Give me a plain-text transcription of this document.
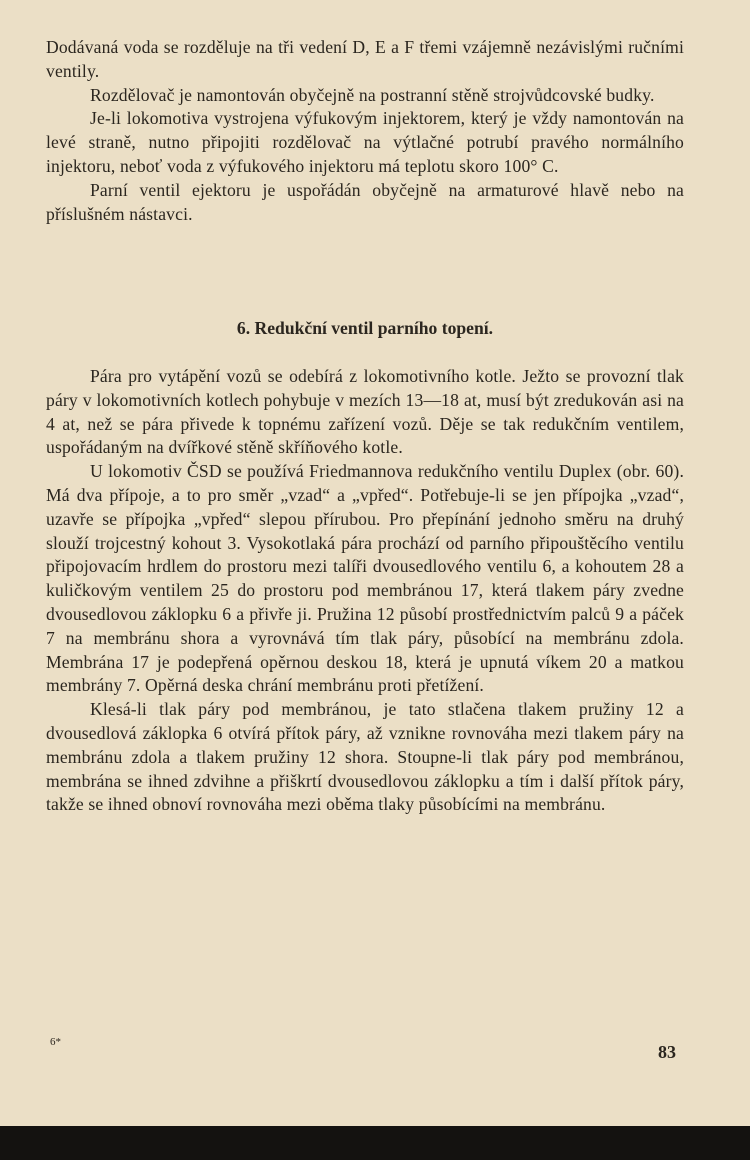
Dodávaná voda se rozděluje na tři vedení D, E a F třemi vzájemně nezávislými ručními ventily.

Rozdělovač je namontován obyčejně na postranní stěně strojvůdcovské budky.

Je-li lokomotiva vystrojena výfukovým injektorem, který je vždy namontován na levé straně, nutno připojiti rozdělovač na výtlačné potrubí pravého normálního injektoru, neboť voda z výfukového injektoru má teplotu skoro 100° C.

Parní ventil ejektoru je uspořádán obyčejně na armaturové hlavě nebo na příslušném nástavci.

6. Redukční ventil parního topení.

Pára pro vytápění vozů se odebírá z lokomotivního kotle. Ježto se provozní tlak páry v lokomotivních kotlech pohybuje v mezích 13—18 at, musí být zredukován asi na 4 at, než se pára přivede k topnému zařízení vozů. Děje se tak redukčním ventilem, uspořádaným na dvířkové stěně skříňového kotle.

U lokomotiv ČSD se používá Friedmannova redukčního ventilu Duplex (obr. 60). Má dva přípoje, a to pro směr „vzad“ a „vpřed“. Potřebuje-li se jen přípojka „vzad“, uzavře se přípojka „vpřed“ slepou přírubou. Pro přepínání jednoho směru na druhý slouží trojcestný kohout 3. Vysokotlaká pára prochází od parního připouštěcího ventilu připojovacím hrdlem do prostoru mezi talíři dvousedlového ventilu 6, a kohoutem 28 a kuličkovým ventilem 25 do prostoru pod membránou 17, která tlakem páry zvedne dvousedlovou záklopku 6 a přivře ji. Pružina 12 působí prostřednictvím palců 9 a páček 7 na membránu shora a vyrovnává tím tlak páry, působící na membránu zdola. Membrána 17 je podepřená opěrnou deskou 18, která je upnutá víkem 20 a matkou membrány 7. Opěrná deska chrání membránu proti přetížení.

Klesá-li tlak páry pod membránou, je tato stlačena tlakem pružiny 12 a dvousedlová záklopka 6 otvírá přítok páry, až vznikne rovnováha mezi tlakem páry na membránu zdola a tlakem pružiny 12 shora. Stoupne-li tlak páry pod membránou, membrána se ihned zdvihne a přiškrtí dvousedlovou záklopku a tím i další přítok páry, takže se ihned obnoví rovnováha mezi oběma tlaky působícími na membránu.

6*	83
